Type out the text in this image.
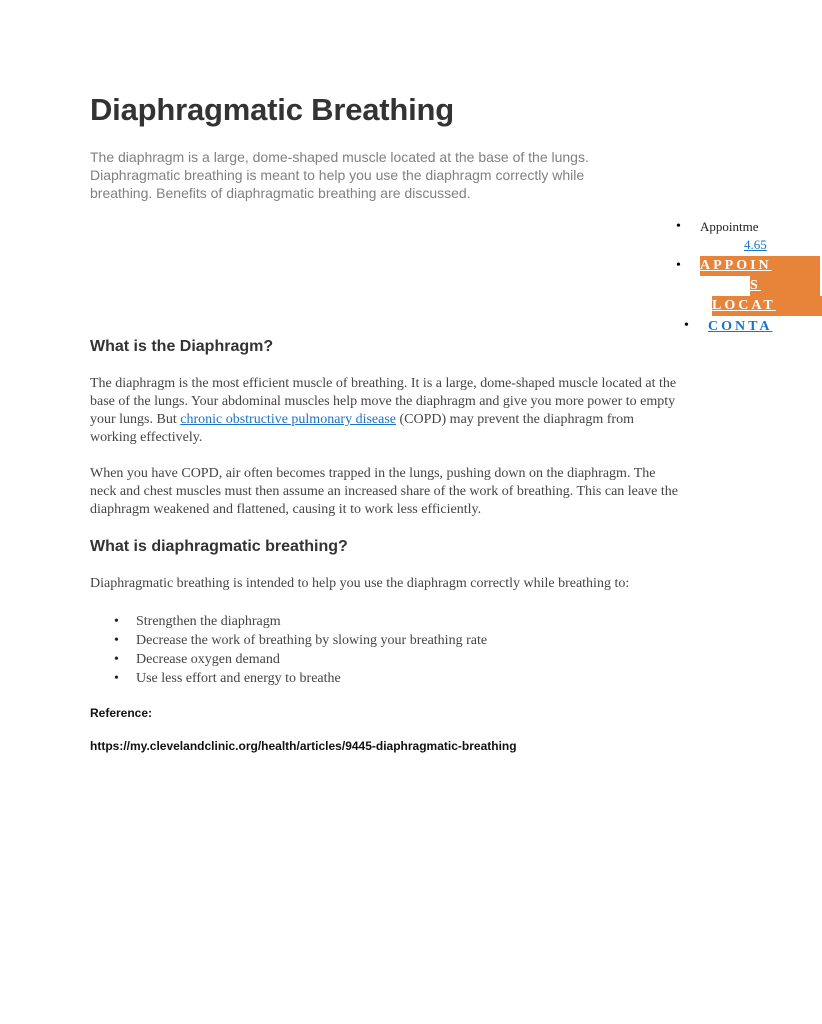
Diaphragmatic Breathing

The diaphragm is a large, dome-shaped muscle located at the base of the lungs. Diaphragmatic breathing is meant to help you use the diaphragm correctly while breathing. Benefits of diaphragmatic breathing are discussed.

• Appointme
4.65
• APPOIN
S
LOCAT
• CONTA
What is the Diaphragm?

The diaphragm is the most efficient muscle of breathing. It is a large, dome-shaped muscle located at the base of the lungs. Your abdominal muscles help move the diaphragm and give you more power to empty your lungs. But chronic obstructive pulmonary disease (COPD) may prevent the diaphragm from working effectively.

When you have COPD, air often becomes trapped in the lungs, pushing down on the diaphragm. The neck and chest muscles must then assume an increased share of the work of breathing. This can leave the diaphragm weakened and flattened, causing it to work less efficiently.

What is diaphragmatic breathing?

Diaphragmatic breathing is intended to help you use the diaphragm correctly while breathing to:

• Strengthen the diaphragm
• Decrease the work of breathing by slowing your breathing rate
• Decrease oxygen demand
• Use less effort and energy to breathe

Reference:

https://my.clevelandclinic.org/health/articles/9445-diaphragmatic-breathing
